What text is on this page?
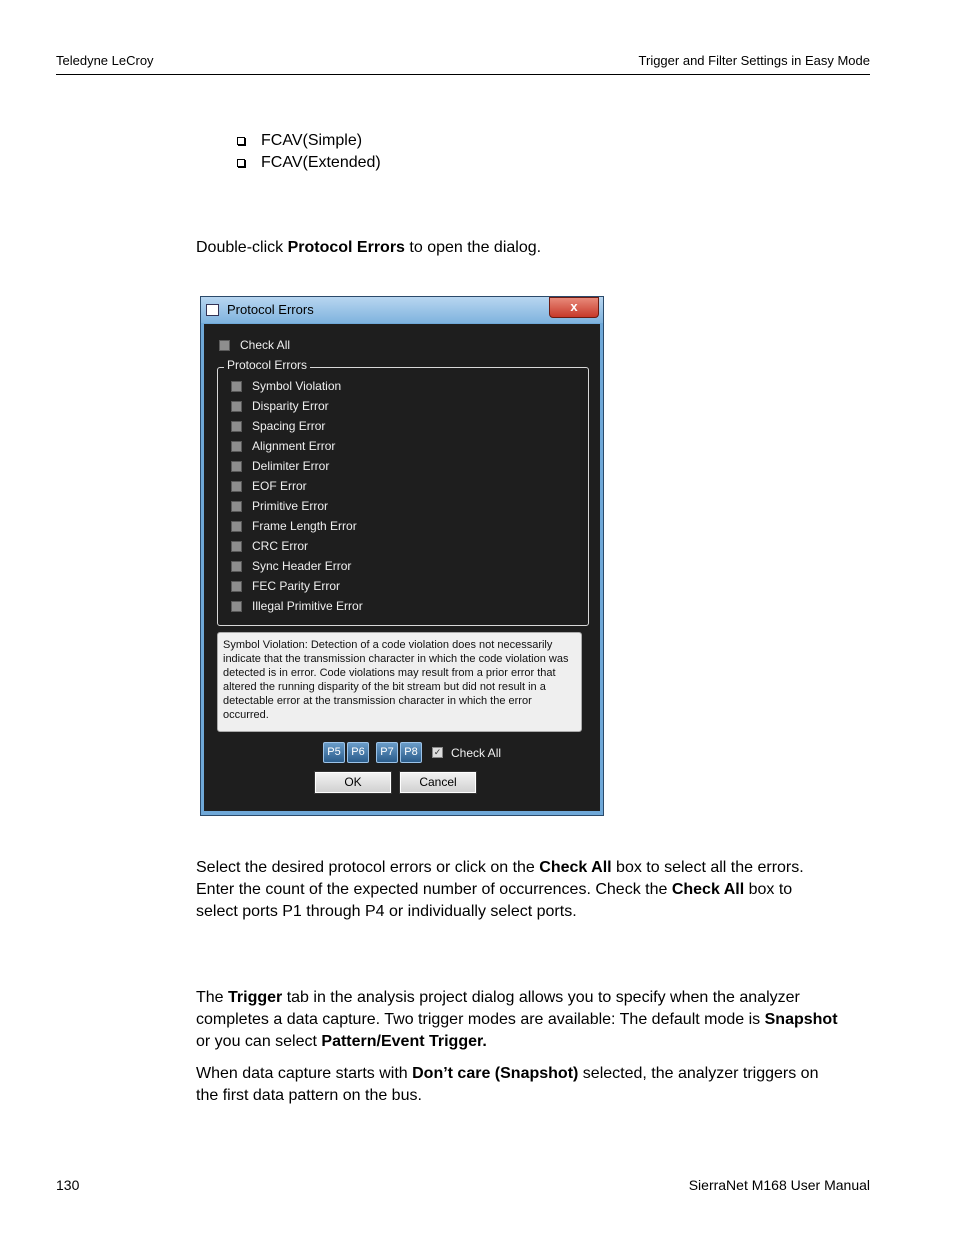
Teledyne LeCroy	Trigger and Filter Settings in Easy Mode
FCAV(Simple)
FCAV(Extended)
Double-click Protocol Errors to open the dialog.
Protocol Errors	x
Check All
Protocol Errors
Symbol Violation
Disparity Error
Spacing Error
Alignment Error
Delimiter Error
EOF Error
Primitive Error
Frame Length Error
CRC Error
Sync Header Error
FEC Parity Error
Illegal Primitive Error
Symbol Violation: Detection of a code violation does not necessarily indicate that the transmission character in which the code violation was detected is in error. Code violations may result from a prior error that altered the running disparity of the bit stream but did not result in a detectable error at the transmission character in which the error occurred.
P5 P6	P7 P8	✓ Check All
OK	Cancel
Select the desired protocol errors or click on the Check All box to select all the errors.
Enter the count of the expected number of occurrences. Check the Check All box to
select ports P1 through P4 or individually select ports.
The Trigger tab in the analysis project dialog allows you to specify when the analyzer
completes a data capture. Two trigger modes are available: The default mode is Snapshot
or you can select Pattern/Event Trigger.
When data capture starts with Don’t care (Snapshot) selected, the analyzer triggers on
the first data pattern on the bus.
130	SierraNet M168 User Manual
